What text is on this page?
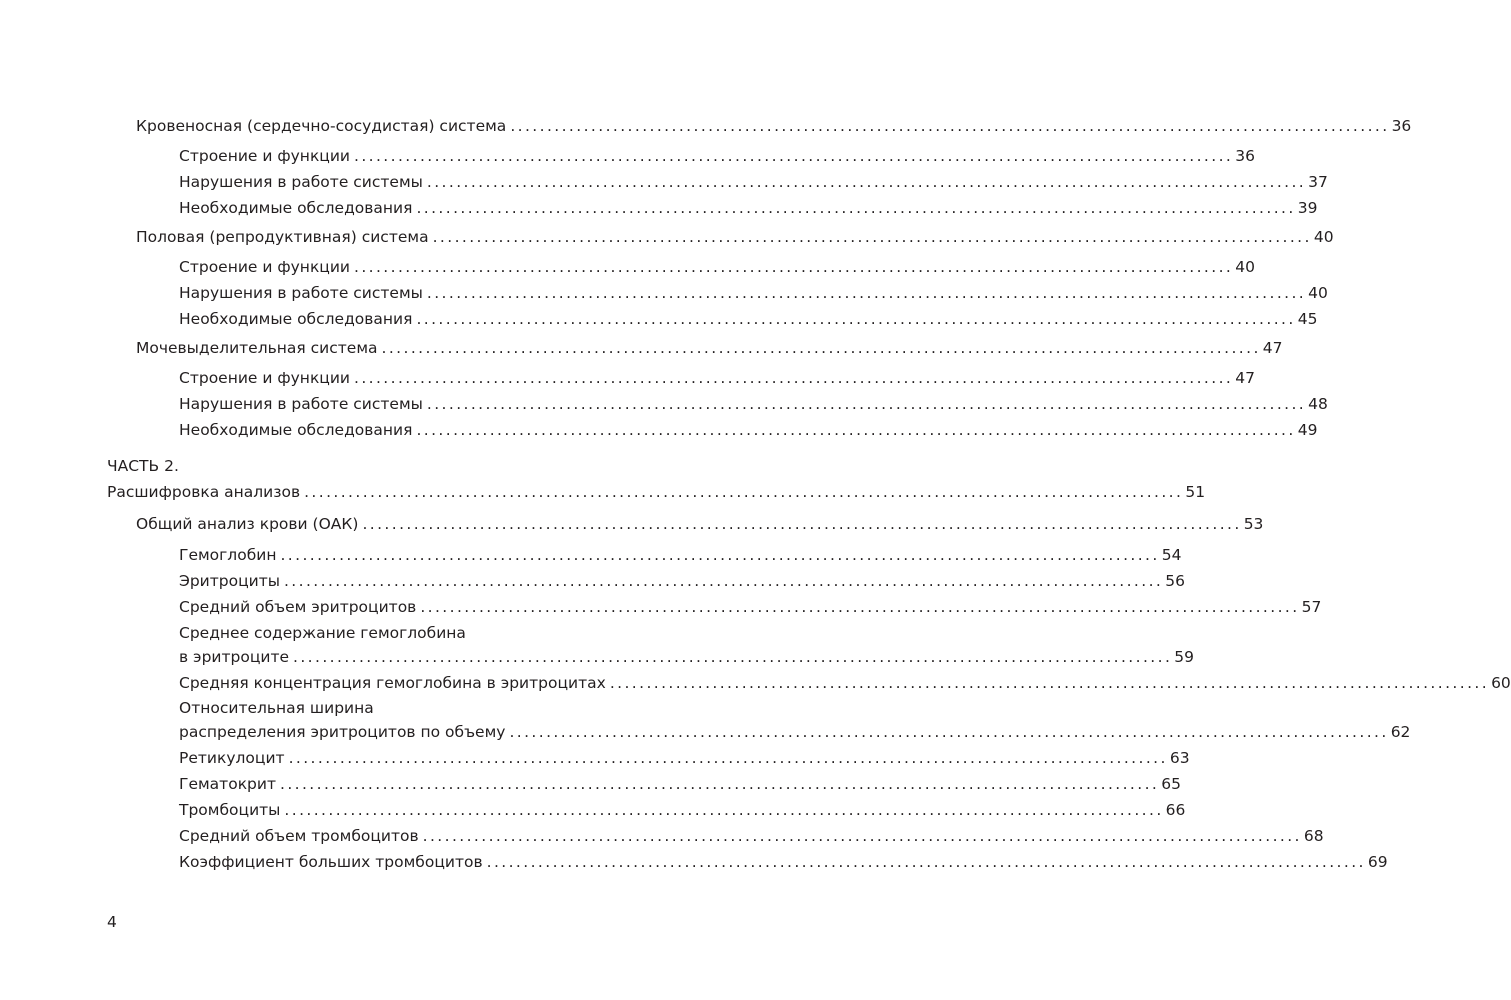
Кровеносная (сердечно-сосудистая) система ........................................................................................................................ 36
Строение и функции ........................................................................................................................ 36
Нарушения в работе системы ........................................................................................................................ 37
Необходимые обследования ........................................................................................................................ 39
Половая (репродуктивная) система ........................................................................................................................ 40
Строение и функции ........................................................................................................................ 40
Нарушения в работе системы ........................................................................................................................ 40
Необходимые обследования ........................................................................................................................ 45
Мочевыделительная система ........................................................................................................................ 47
Строение и функции ........................................................................................................................ 47
Нарушения в работе системы ........................................................................................................................ 48
Необходимые обследования ........................................................................................................................ 49
ЧАСТЬ 2.
Расшифровка анализов ........................................................................................................................ 51
Общий анализ крови (ОАК) ........................................................................................................................ 53
Гемоглобин ........................................................................................................................ 54
Эритроциты ........................................................................................................................ 56
Средний объем эритроцитов ........................................................................................................................ 57
Среднее содержание гемоглобина
в эритроците ........................................................................................................................ 59
Средняя концентрация гемоглобина в эритроцитах ........................................................................................................................ 60
Относительная ширина
распределения эритроцитов по объему ........................................................................................................................ 62
Ретикулоцит ........................................................................................................................ 63
Гематокрит ........................................................................................................................ 65
Тромбоциты ........................................................................................................................ 66
Средний объем тромбоцитов ........................................................................................................................ 68
Коэффициент больших тромбоцитов ........................................................................................................................ 69
4
